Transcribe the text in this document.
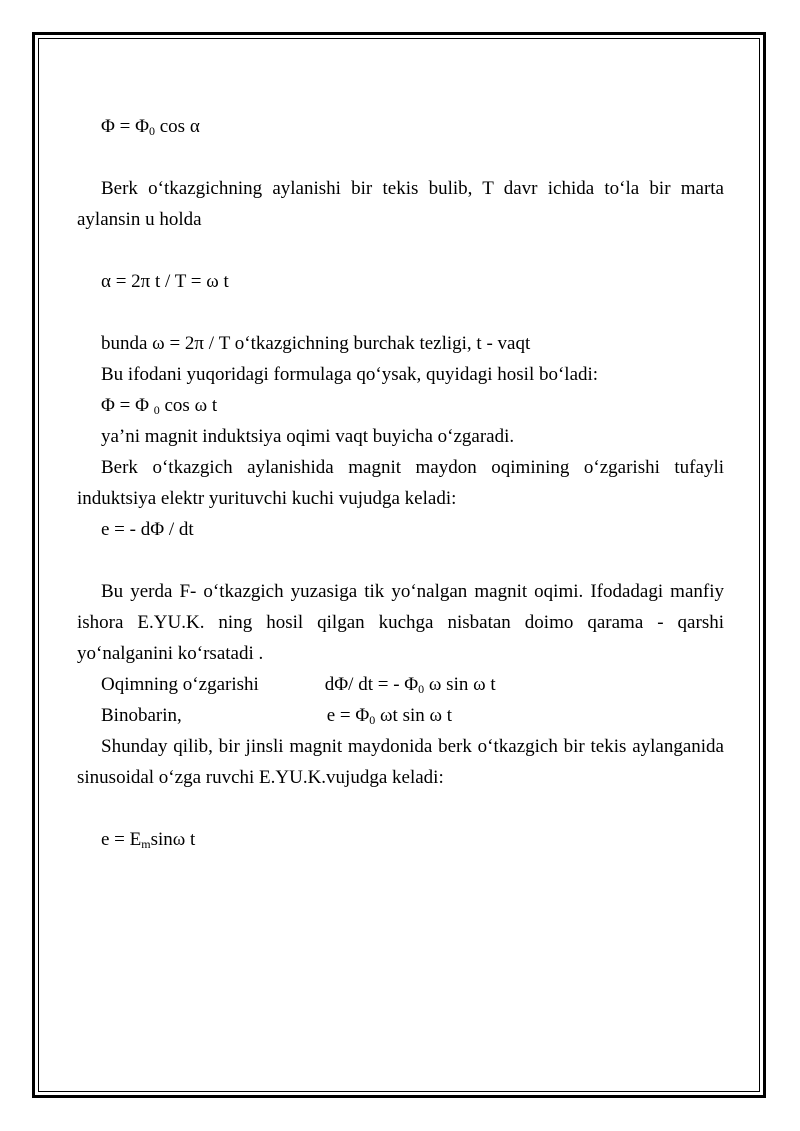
$\Phi = \Phi_0$ cos α

Berk o‘tkazgichning aylanishi bir tekis bulib, T davr ichida to‘la bir marta aylansin u holda

α = 2π t / T = ω t

bunda ω = 2π / T o‘tkazgichning burchak tezligi, t - vaqt

Bu ifodani yuqoridagi formulaga qo‘ysak, quyidagi hosil bo‘ladi:

Φ = Φ $_0$ cos ω t

ya’ni magnit induktsiya oqimi vaqt buyicha o‘zgaradi.

Berk o‘tkazgich aylanishida magnit maydon oqimining o‘zgarishi tufayli induktsiya elektr yurituvchi kuchi vujudga keladi:

e = - dΦ / dt

Bu yerda F- o‘tkazgich yuzasiga tik yo‘nalgan magnit oqimi. Ifodadagi manfiy ishora E.YU.K. ning hosil qilgan kuchga nisbatan doimo qarama - qarshi yo‘nalganini ko‘rsatadi .

Oqimning o‘zgarishi	dΦ/ dt = - $\Phi_0$ ω sin ω t

Binobarin,	$e = \Phi_0$ ωt sin ω t

Shunday qilib, bir jinsli magnit maydonida berk o‘tkazgich bir tekis aylanganida sinusoidal o‘zga ruvchi E.YU.K.vujudga keladi:

$e = E_m\sin\omega$ t
